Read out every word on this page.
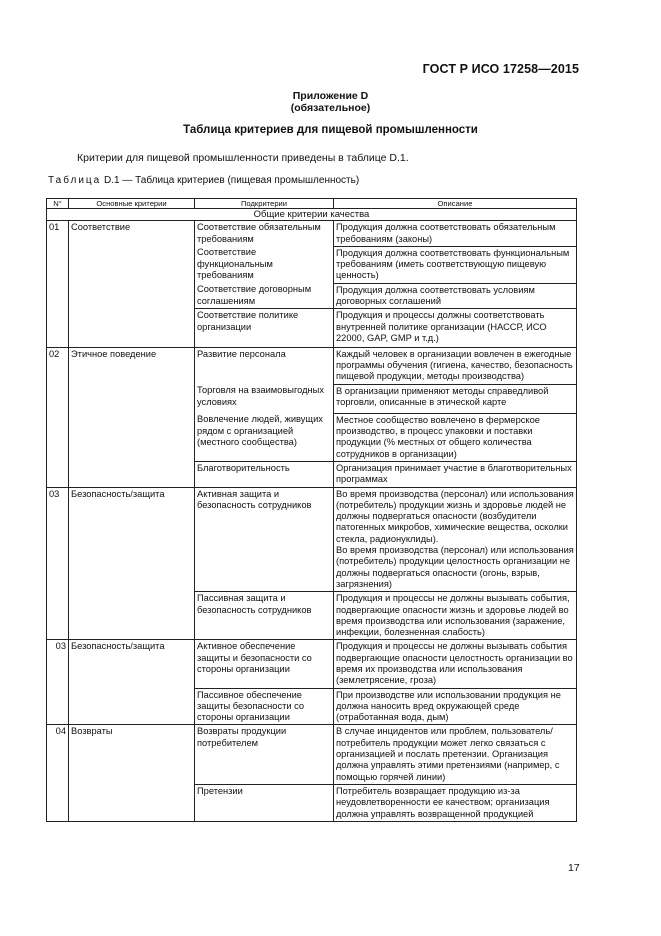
ГОСТ Р ИСО 17258—2015
Приложение D
(обязательное)
Таблица критериев для пищевой промышленности
Критерии для пищевой промышленности приведены в таблице D.1.
Таблица D.1 — Таблица критериев (пищевая промышленность)
N°	Основные критерии	Подкритерии	Описание
Общие критерии качества			
01	Соответствие	Соответствие обязательным требованиям	Продукция должна соответствовать обязательным требованиям (законы)
		Соответствие функциональным требованиям	Продукция должна соответствовать функциональным требованиям (иметь соответствующую пищевую ценность)
		Соответствие договорным соглашениям	Продукция должна соответствовать условиям договорных соглашений
		Соответствие политике организации	Продукция и процессы должны соответствовать внутренней политике организации (НАССР, ИСО 22000, GAP, GMP и т.д.)
02	Этичное поведение	Развитие персонала	Каждый человек в организации вовлечен в ежегодные программы обучения (гигиена, качество, безопасность пищевой продукции, методы производства)
		Торговля на взаимовыгодных условиях	В организации применяют методы справедливой торговли, описанные в этической карте
		Вовлечение людей, живущих рядом с организацией (местного сообщества)	Местное сообщество вовлечено в фермерское производство, в процесс упаковки и поставки продукции (% местных от общего количества сотрудников в организации)
		Благотворительность	Организация принимает участие в благотворительных программах
03	Безопасность/защита	Активная защита и безопасность сотрудников	Во время производства (персонал) или использования (потребитель) продукции жизнь и здоровье людей не должны подвергаться опасности (возбудители патогенных микробов, химические вещества, осколки стекла, радионуклиды).
Во время производства (персонал) или использования (потребитель) продукции целостность организации не должны подвергаться опасности (огонь, взрыв, загрязнения)

		Пассивная защита и безопасность сотрудников	Продукция и процессы не должны вызывать события, подвергающие опасности жизнь и здоровье людей во время производства или использования (заражение, инфекции, болезненная слабость)
03	Безопасность/защита	Активное обеспечение защиты и безопасности со стороны организации	Продукция и процессы не должны вызывать события подвергающие опасности целостность организации во время их производства или использования (землетрясение, гроза)
		Пассивное обеспечение защиты безопасности со стороны организации	При производстве или использовании продукция не должна наносить вред окружающей среде (отработанная вода, дым)
04	Возвраты	Возвраты продукции потребителем	В случае инцидентов или проблем, пользователь/потребитель продукции может легко связаться с организацией и послать претензии. Организация должна управлять этими претензиями (например, с помощью горячей линии)
		Претензии	Потребитель возвращает продукцию из-за неудовлетворенности ее качеством; организация должна управлять возвращенной продукцией
17
